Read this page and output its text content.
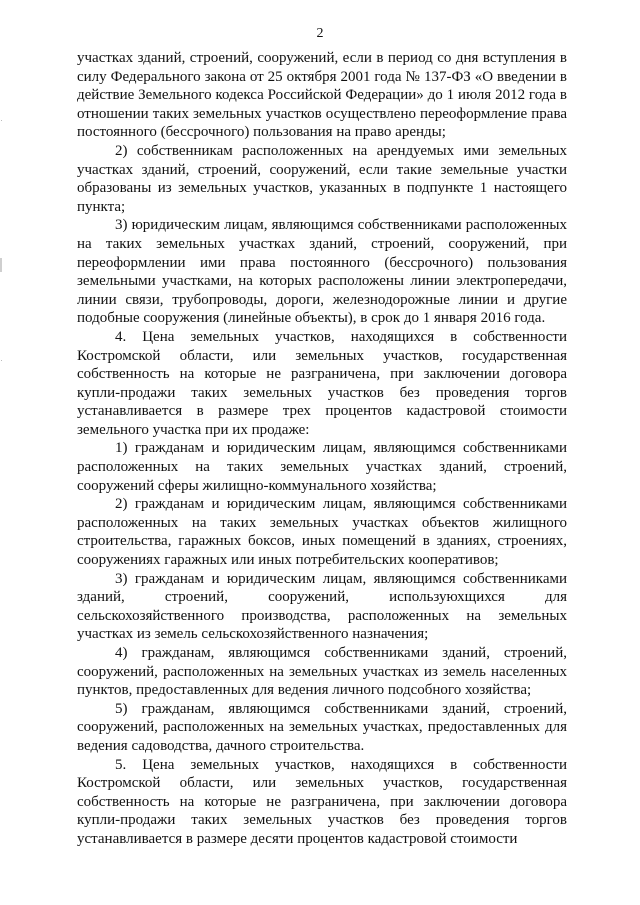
2

участках зданий, строений, сооружений, если в период со дня вступления в силу Федерального закона от 25 октября 2001 года № 137-ФЗ «О введении в действие Земельного кодекса Российской Федерации» до 1 июля 2012 года в отношении таких земельных участков осуществлено переоформление права постоянного (бессрочного) пользования на право аренды;

2) собственникам расположенных на арендуемых ими земельных участках зданий, строений, сооружений, если такие земельные участки образованы из земельных участков, указанных в подпункте 1 настоящего пункта;

3) юридическим лицам, являющимся собственниками расположенных на таких земельных участках зданий, строений, сооружений, при переоформлении ими права постоянного (бессрочного) пользования земельными участками, на которых расположены линии электропередачи, линии связи, трубопроводы, дороги, железнодорожные линии и другие подобные сооружения (линейные объекты), в срок до 1 января 2016 года.

4. Цена земельных участков, находящихся в собственности Костромской области, или земельных участков, государственная собственность на которые не разграничена, при заключении договора купли-продажи таких земельных участков без проведения торгов устанавливается в размере трех процентов кадастровой стоимости земельного участка при их продаже:

1) гражданам и юридическим лицам, являющимся собственниками расположенных на таких земельных участках зданий, строений, сооружений сферы жилищно-коммунального хозяйства;

2) гражданам и юридическим лицам, являющимся собственниками расположенных на таких земельных участках объектов жилищного строительства, гаражных боксов, иных помещений в зданиях, строениях, сооружениях гаражных или иных потребительских кооперативов;

3) гражданам и юридическим лицам, являющимся собственниками зданий, строений, сооружений, используюхщихся для сельскохозяйственного производства, расположенных на земельных участках из земель сельскохозяйственного назначения;

4) гражданам, являющимся собственниками зданий, строений, сооружений, расположенных на земельных участках из земель населенных пунктов, предоставленных для ведения личного подсобного хозяйства;

5) гражданам, являющимся собственниками зданий, строений, сооружений, расположенных на земельных участках, предоставленных для ведения садоводства, дачного строительства.

5. Цена земельных участков, находящихся в собственности Костромской области, или земельных участков, государственная собственность на которые не разграничена, при заключении договора купли-продажи таких земельных участков без проведения торгов устанавливается в размере десяти процентов кадастровой стоимости
